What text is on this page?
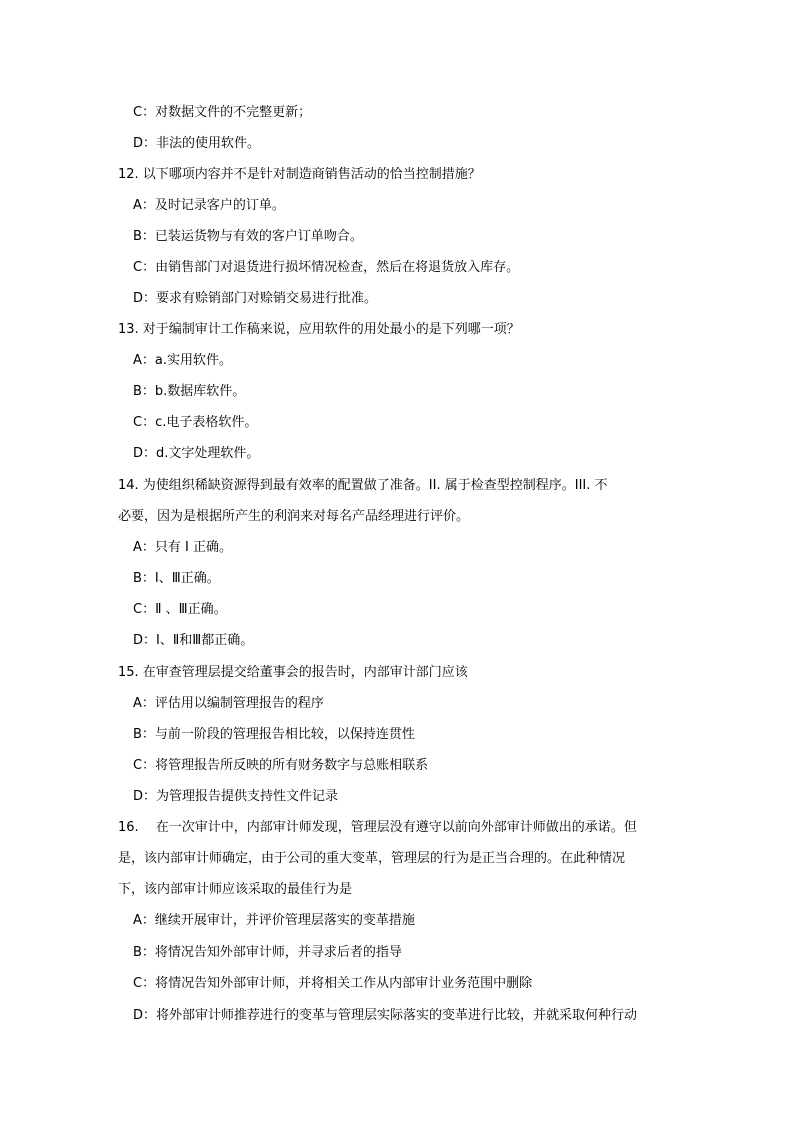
C：对数据文件的不完整更新；
D：非法的使用软件。
12. 以下哪项内容并不是针对制造商销售活动的恰当控制措施？
A：及时记录客户的订单。
B：已装运货物与有效的客户订单吻合。
C：由销售部门对退货进行损坏情况检查，然后在将退货放入库存。
D：要求有赊销部门对赊销交易进行批准。
13. 对于编制审计工作稿来说，应用软件的用处最小的是下列哪一项？
A：a.实用软件。
B：b.数据库软件。
C：c.电子表格软件。
D：d.文字处理软件。
14. 为使组织稀缺资源得到最有效率的配置做了准备。II. 属于检查型控制程序。III. 不
必要，因为是根据所产生的利润来对每名产品经理进行评价。
A：只有 I 正确。
B：I、Ⅲ正确。
C：Ⅱ 、Ⅲ正确。
D：I、Ⅱ和Ⅲ都正确。
15. 在审查管理层提交给董事会的报告时，内部审计部门应该
A：评估用以编制管理报告的程序
B：与前一阶段的管理报告相比较，以保持连贯性
C：将管理报告所反映的所有财务数字与总账相联系
D：为管理报告提供支持性文件记录
16.　 在一次审计中，内部审计师发现，管理层没有遵守以前向外部审计师做出的承诺。但
是，该内部审计师确定，由于公司的重大变革，管理层的行为是正当合理的。在此种情况
下，该内部审计师应该采取的最佳行为是
A：继续开展审计，并评价管理层落实的变革措施
B：将情况告知外部审计师，并寻求后者的指导
C：将情况告知外部审计师，并将相关工作从内部审计业务范围中删除
D：将外部审计师推荐进行的变革与管理层实际落实的变革进行比较，并就采取何种行动
